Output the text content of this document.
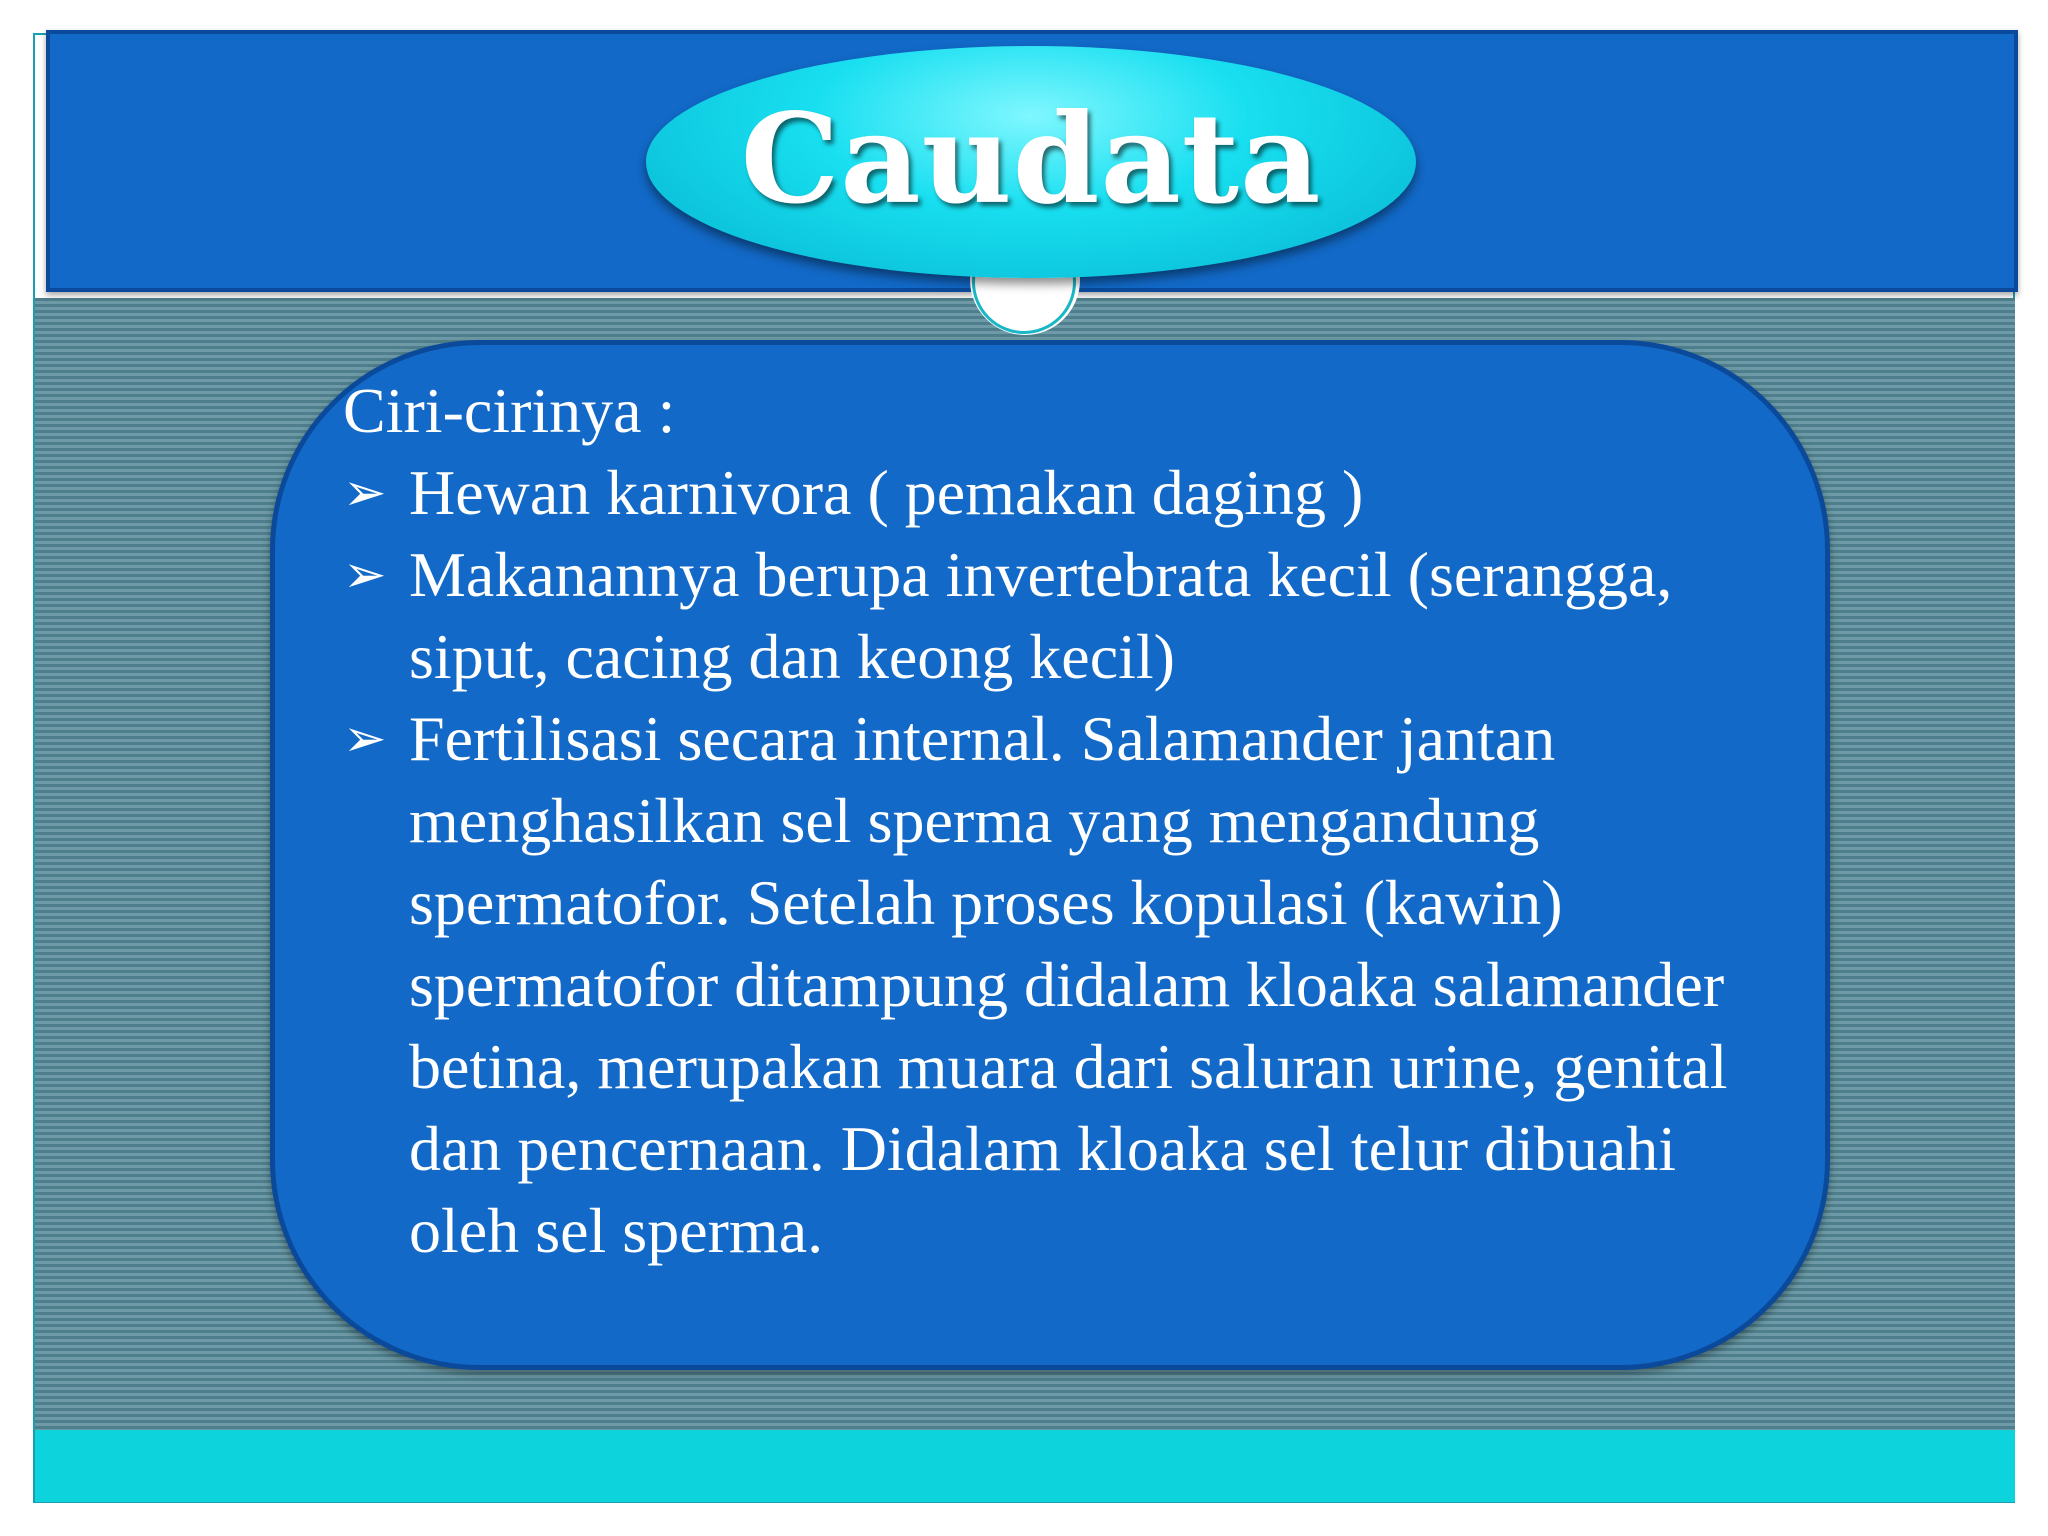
Caudata

Ciri-cirinya :

➢ Hewan karnivora ( pemakan daging )
➢ Makanannya berupa invertebrata kecil (serangga, siput, cacing dan keong kecil)
➢ Fertilisasi secara internal. Salamander jantan menghasilkan sel sperma yang mengandung spermatofor. Setelah proses kopulasi (kawin) spermatofor ditampung didalam kloaka salamander betina, merupakan muara dari saluran urine, genital dan pencernaan. Didalam kloaka sel telur dibuahi oleh sel sperma.
